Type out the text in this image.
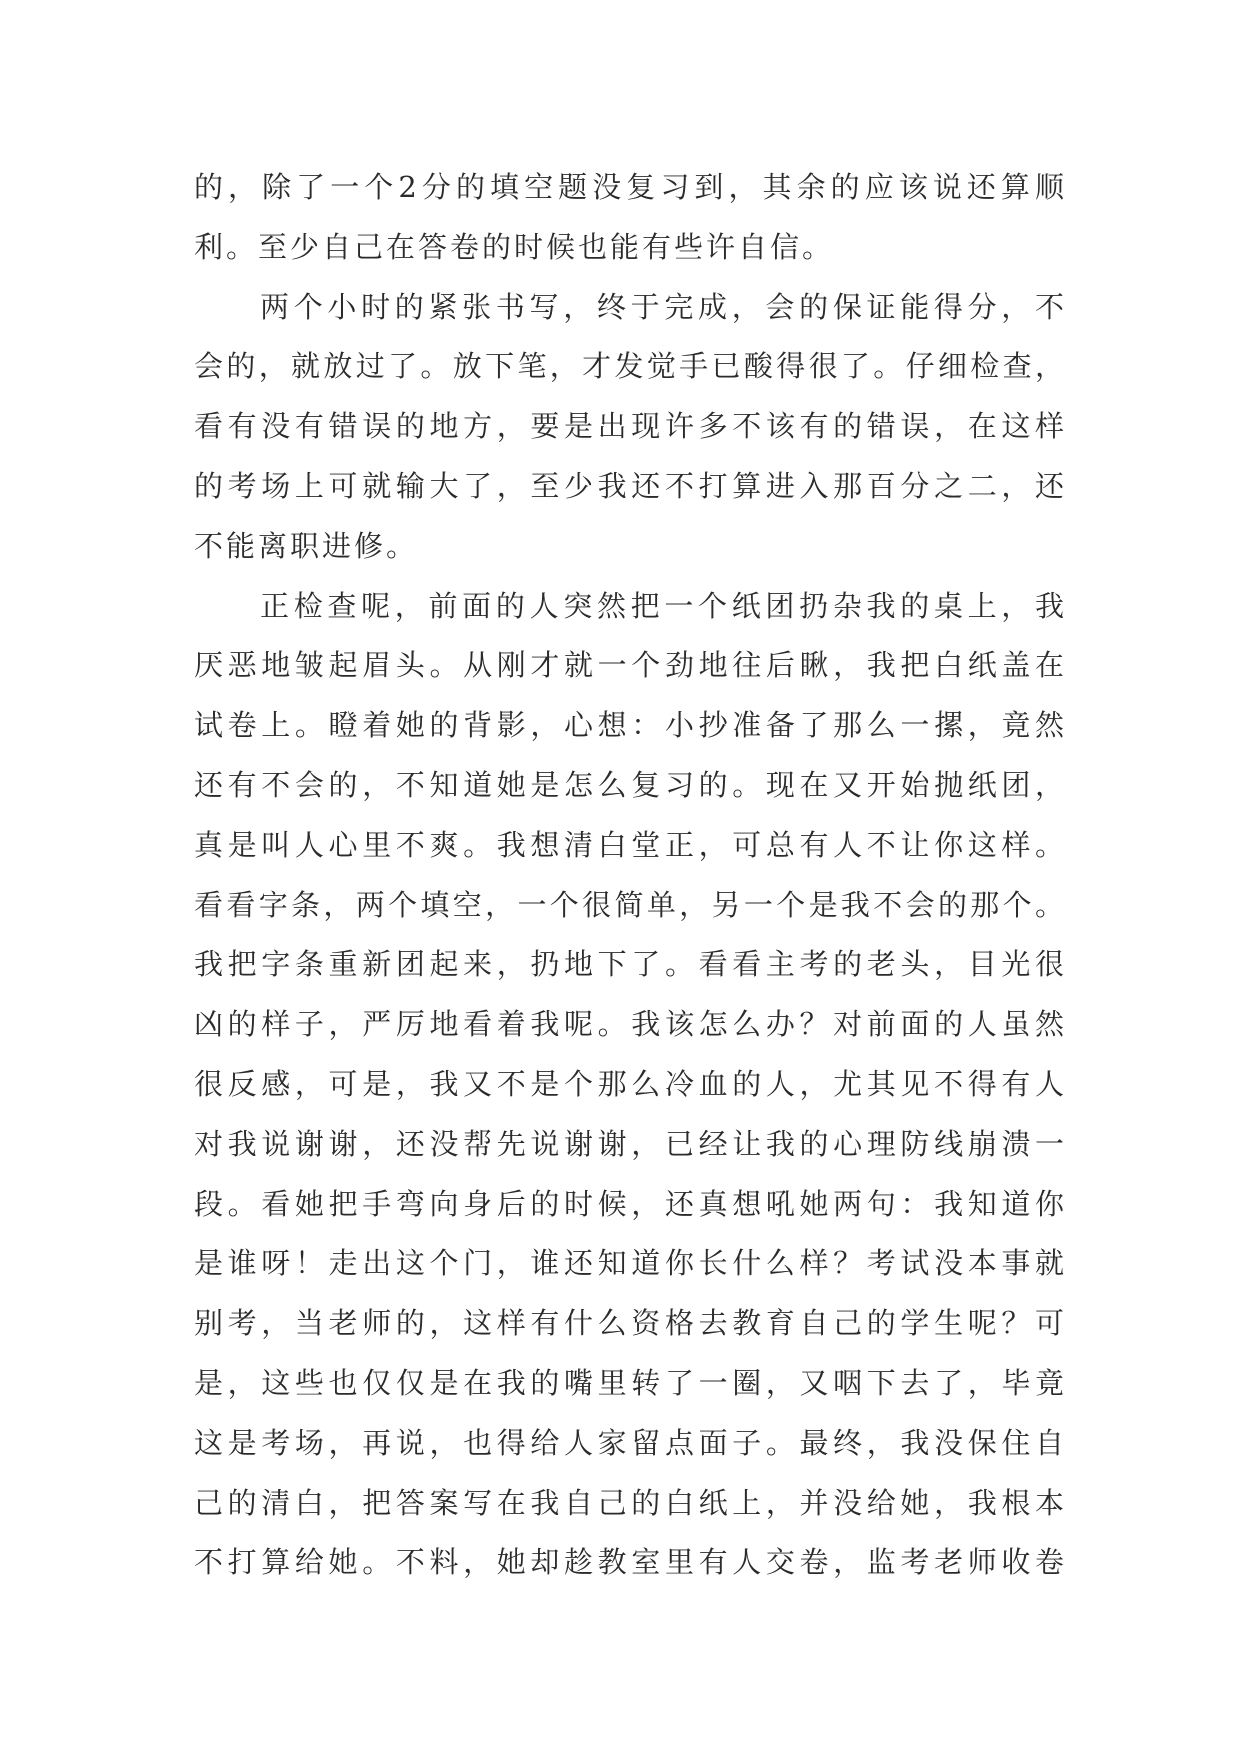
的，除了一个2分的填空题没复习到，其余的应该说还算顺
利。至少自己在答卷的时候也能有些许自信。
两个小时的紧张书写，终于完成，会的保证能得分，不
会的，就放过了。放下笔，才发觉手已酸得很了。仔细检查，
看有没有错误的地方，要是出现许多不该有的错误，在这样
的考场上可就输大了，至少我还不打算进入那百分之二，还
不能离职进修。
正检查呢，前面的人突然把一个纸团扔杂我的桌上，我
厌恶地皱起眉头。从刚才就一个劲地往后瞅，我把白纸盖在
试卷上。瞪着她的背影，心想：小抄准备了那么一摞，竟然
还有不会的，不知道她是怎么复习的。现在又开始抛纸团，
真是叫人心里不爽。我想清白堂正，可总有人不让你这样。
看看字条，两个填空，一个很简单，另一个是我不会的那个。
我把字条重新团起来，扔地下了。看看主考的老头，目光很
凶的样子，严厉地看着我呢。我该怎么办？对前面的人虽然
很反感，可是，我又不是个那么冷血的人，尤其见不得有人
对我说谢谢，还没帮先说谢谢，已经让我的心理防线崩溃一
段。看她把手弯向身后的时候，还真想吼她两句：我知道你
是谁呀！走出这个门，谁还知道你长什么样？考试没本事就
别考，当老师的，这样有什么资格去教育自己的学生呢？可
是，这些也仅仅是在我的嘴里转了一圈，又咽下去了，毕竟
这是考场，再说，也得给人家留点面子。最终，我没保住自
己的清白，把答案写在我自己的白纸上，并没给她，我根本
不打算给她。不料，她却趁教室里有人交卷，监考老师收卷
